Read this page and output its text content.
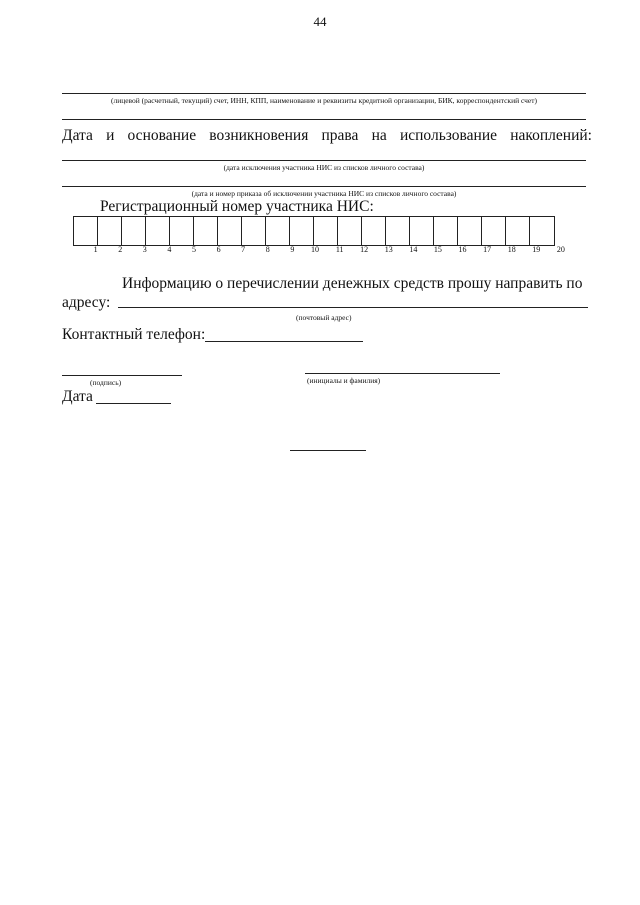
44
(лицевой (расчетный, текущий) счет, ИНН, КПП, наименование и реквизиты кредитной организации, БИК, корреспондентский счет)
Дата и основание возникновения права на использование накоплений:
(дата исключения участника НИС из списков личного состава)
(дата и номер приказа об исключении участника НИС из списков личного состава)
Регистрационный номер участника НИС:
1	2	3	4	5	6	7	8	9	10	11	12	13	14	15	16	17	18	19	20
Информацию о перечислении денежных средств прошу направить по
адресу:
(почтовый адрес)
Контактный телефон:
(подпись)	(инициалы и фамилия)
Дата
